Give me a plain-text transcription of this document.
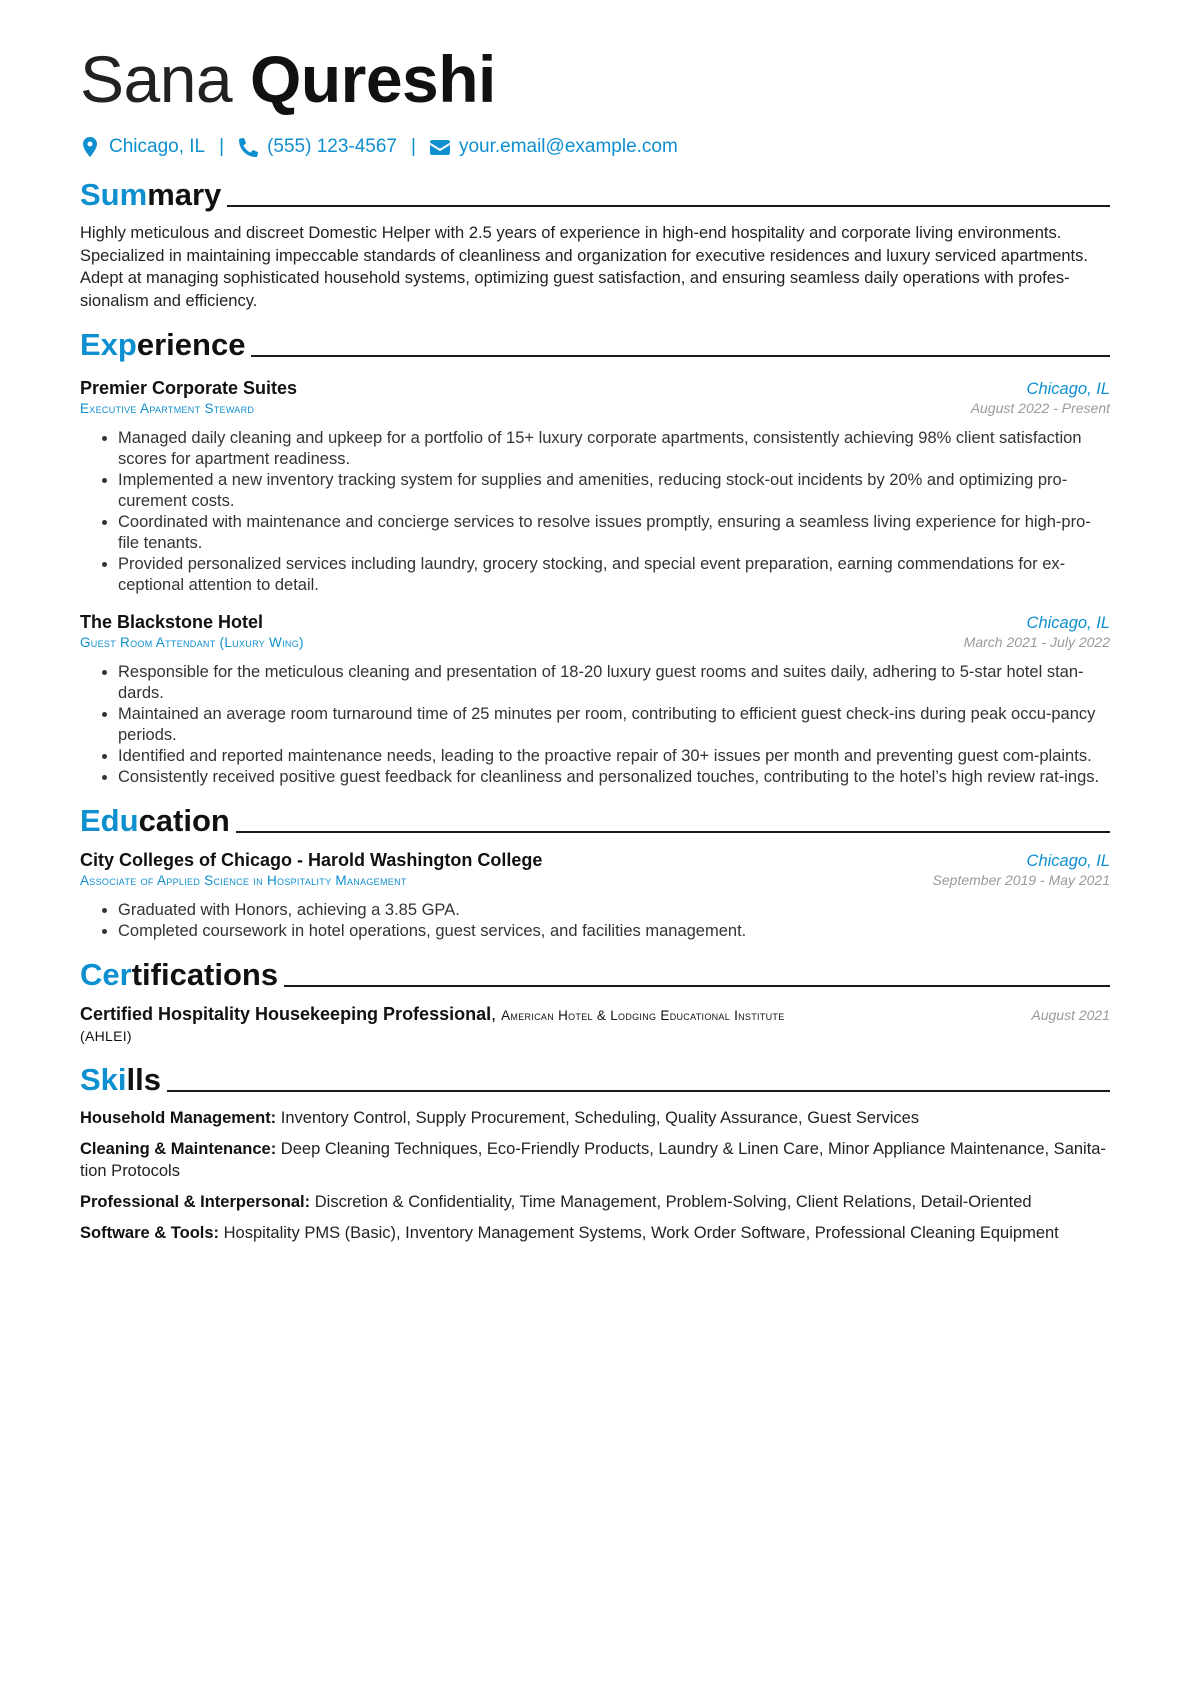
Sana Qureshi
Chicago, IL | (555) 123-4567 | your.email@example.com
Summary
Highly meticulous and discreet Domestic Helper with 2.5 years of experience in high-end hospitality and corporate living environments. Specialized in maintaining impeccable standards of cleanliness and organization for executive residences and luxury serviced apartments. Adept at managing sophisticated household systems, optimizing guest satisfaction, and ensuring seamless daily operations with profes-sionalism and efficiency.
Experience
Premier Corporate Suites	Chicago, IL
Executive Apartment Steward	August 2022 - Present
• Managed daily cleaning and upkeep for a portfolio of 15+ luxury corporate apartments, consistently achieving 98% client satisfaction scores for apartment readiness.
• Implemented a new inventory tracking system for supplies and amenities, reducing stock-out incidents by 20% and optimizing pro-curement costs.
• Coordinated with maintenance and concierge services to resolve issues promptly, ensuring a seamless living experience for high-pro-file tenants.
• Provided personalized services including laundry, grocery stocking, and special event preparation, earning commendations for ex-ceptional attention to detail.
The Blackstone Hotel	Chicago, IL
Guest Room Attendant (Luxury Wing)	March 2021 - July 2022
• Responsible for the meticulous cleaning and presentation of 18-20 luxury guest rooms and suites daily, adhering to 5-star hotel stan-dards.
• Maintained an average room turnaround time of 25 minutes per room, contributing to efficient guest check-ins during peak occu-pancy periods.
• Identified and reported maintenance needs, leading to the proactive repair of 30+ issues per month and preventing guest com-plaints.
• Consistently received positive guest feedback for cleanliness and personalized touches, contributing to the hotel’s high review rat-ings.
Education
City Colleges of Chicago - Harold Washington College	Chicago, IL
Associate of Applied Science in Hospitality Management	September 2019 - May 2021
• Graduated with Honors, achieving a 3.85 GPA.
• Completed coursework in hotel operations, guest services, and facilities management.
Certifications
Certified Hospitality Housekeeping Professional, American Hotel & Lodging Educational Institute
(AHLEI)
August 2021
Skills
Household Management: Inventory Control, Supply Procurement, Scheduling, Quality Assurance, Guest Services
Cleaning & Maintenance: Deep Cleaning Techniques, Eco-Friendly Products, Laundry & Linen Care, Minor Appliance Maintenance, Sanita-tion Protocols
Professional & Interpersonal: Discretion & Confidentiality, Time Management, Problem-Solving, Client Relations, Detail-Oriented
Software & Tools: Hospitality PMS (Basic), Inventory Management Systems, Work Order Software, Professional Cleaning Equipment
